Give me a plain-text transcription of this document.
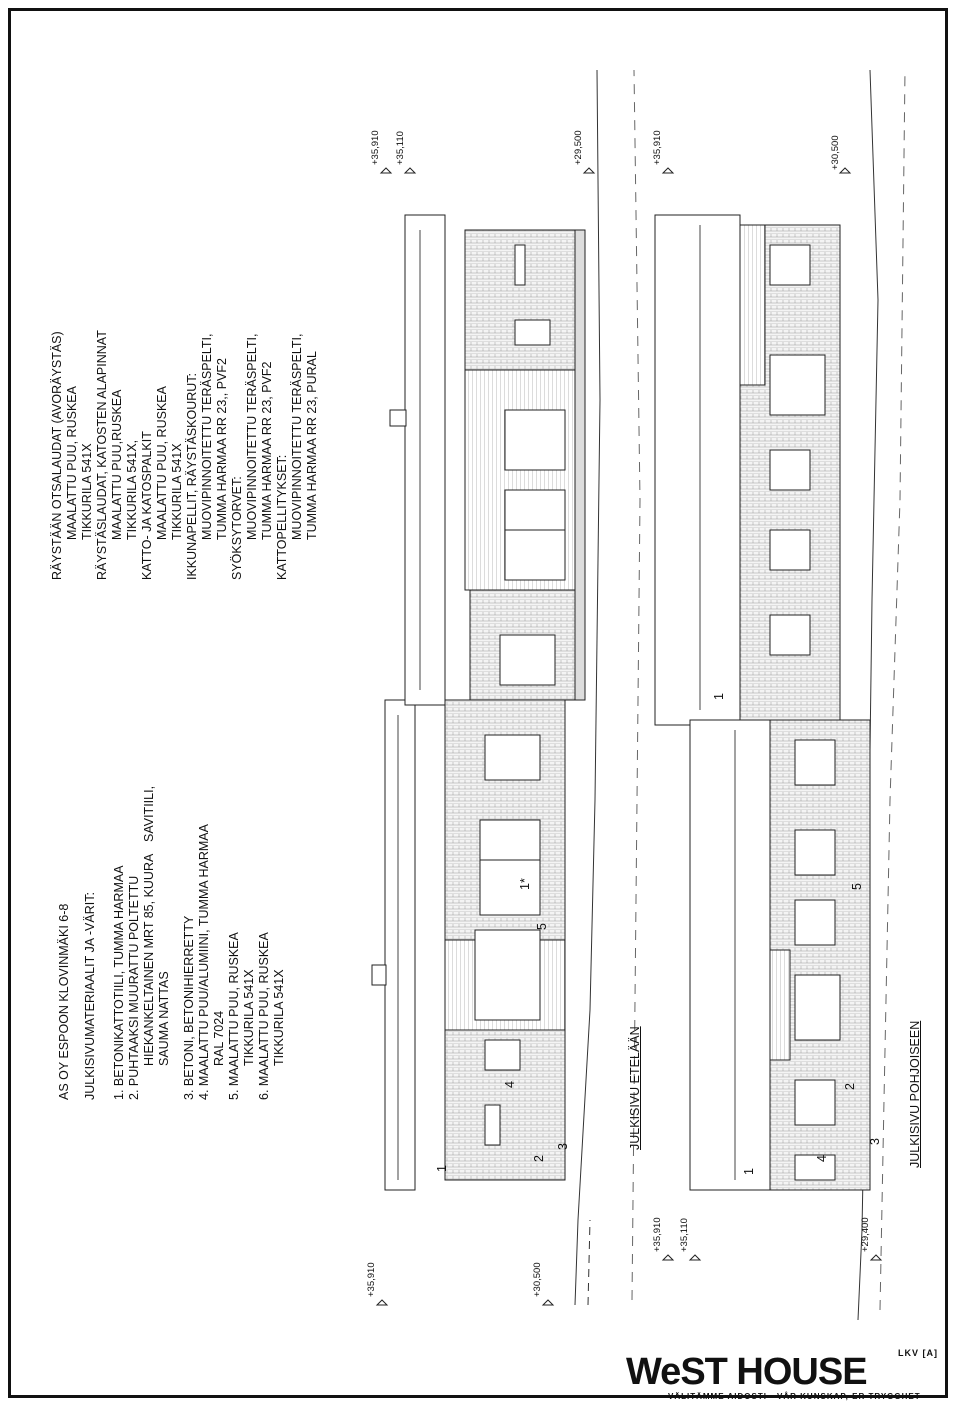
AS OY ESPOON KLOVINMÄKI 6-8 JULKISIVUMATERIAALIT JA -VÄRIT: 1. BETONIKATTOTIILI, TUMMA HARMAA 2. PUHTAAKSI MUURATTU POLTETTU HIEKANKELTAINEN MRT 85, KUURA SAUMA NATTAS 3. BETONI, BETONIHIERRETTY 4. MAALATTU PUU/ALUMIINI, TUMMA HARMAA RAL 7024 5. MAALATTU PUU, RUSKEA TIKKURILA 541X 6. MAALATTU PUU, RUSKEA TIKKURILA 541X

SAVITIILI,

RÄYSTÄÄN OTSALAUDAT (AVORÄYSTÄS) MAALATTU PUU, RUSKEA TIKKURILA 541X RÄYSTÄSLAUDAT, KATOSTEN ALAPINNAT MAALATTU PUU,RUSKEA TIKKURILA 541X, KATTO- JA KATOSPALKIT MAALATTU PUU, RUSKEA TIKKURILA 541X IKKUNAPELLIT, RÄYSTÄSKOURUT: MUOVIPINNOITETTU TERÄSPELTI, TUMMA HARMAA RR 23,, PVF2 SYÖKSYTORVET: MUOVIPINNOITETTU TERÄSPELTI, TUMMA HARMAA RR 23, PVF2 KATTOPELLITYKSET: MUOVIPINNOITETTU TERÄSPELTI, TUMMA HARMAA RR 23, PURAL

+35,910 +35,110	+29,500	+35,910	+30,500
+35,910	+30,500
+35,910 +35,110	+29,400
1
2
3
4
5
1*
1
1
2
3
4
5
JULKISIVU ETELÄÄN	JULKISIVU POHJOISEEN
WeST HOUSE	LKV [A]
VÄLITÄMME AIDOSTI · VÅR KUNSKAP, ER TRYGGHET
